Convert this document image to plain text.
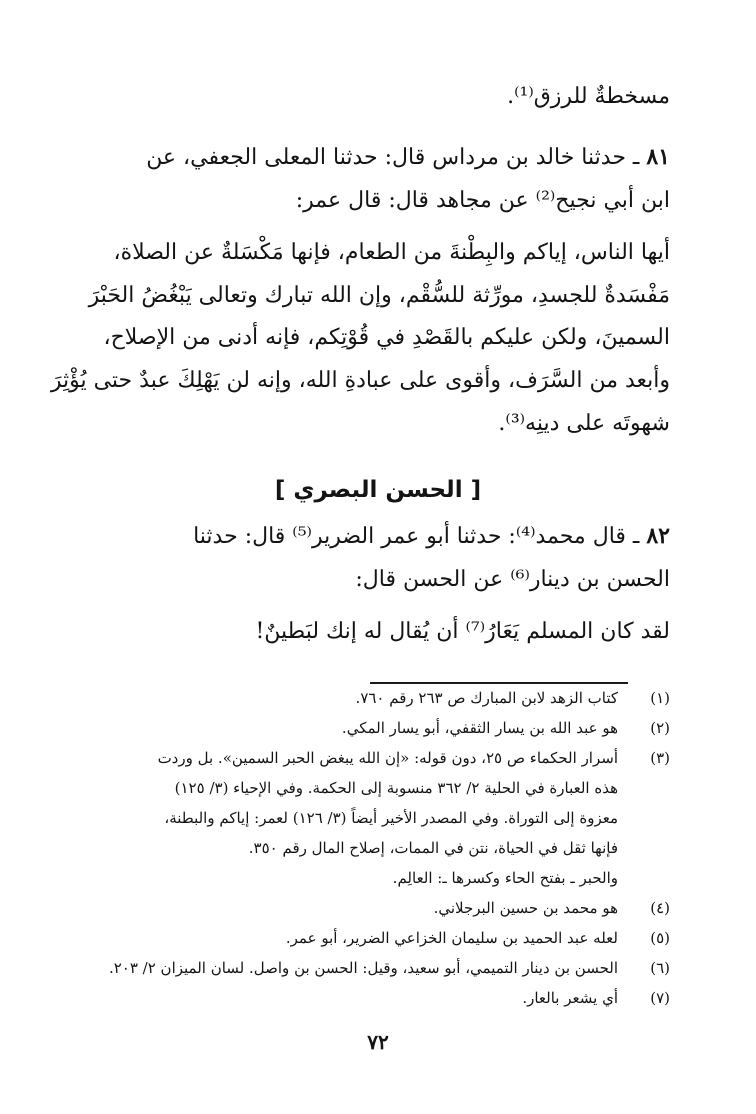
مسخطةٌ للرزق⁽¹⁾.
٨١ ـ حدثنا خالد بن مرداس قال: حدثنا المعلى الجعفي، عن
ابن أبي نجيح⁽²⁾ عن مجاهد قال: قال عمر:
أيها الناس، إياكم والبِطْنةَ من الطعام، فإنها مَكْسَلةٌ عن الصلاة،
مَفْسَدةٌ للجسدِ، مورِّثة للسُّقْم، وإن الله تبارك وتعالى يَبْغُضُ الحَبْرَ
السمينَ، ولكن عليكم بالقَصْدِ في قُوْتِكم، فإنه أدنى من الإصلاح،
وأبعد من السَّرَف، وأقوى على عبادةِ الله، وإنه لن يَهْلِكَ عبدٌ حتى يُؤْثِرَ
شهوتَه على دينِه⁽³⁾.
[ الحسن البصري ]
٨٢ ـ قال محمد⁽⁴⁾: حدثنا أبو عمر الضرير⁽⁵⁾ قال: حدثنا
الحسن بن دينار⁽⁶⁾ عن الحسن قال:
لقد كان المسلم يَعَارُ⁽⁷⁾ أن يُقال له إنك لبَطينٌ!
(١)كتاب الزهد لابن المبارك ص ٢٦٣ رقم ٧٦٠.
(٢)هو عبد الله بن يسار الثقفي، أبو يسار المكي.
(٣)أسرار الحكماء ص ٢٥، دون قوله: «إن الله يبغض الحبر السمين». بل وردت
هذه العبارة في الحلية ٢/ ٣٦٢ منسوبة إلى الحكمة. وفي الإحياء (٣/ ١٢٥)
معزوة إلى التوراة. وفي المصدر الأخير أيضاً (٣/ ١٢٦) لعمر: إياكم والبطنة،
فإنها ثقل في الحياة، نتن في الممات، إصلاح المال رقم ٣٥٠.
والحبر ـ بفتح الحاء وكسرها ـ: العالِم.
(٤)هو محمد بن حسين البرجلاني.
(٥)لعله عبد الحميد بن سليمان الخزاعي الضرير، أبو عمر.
(٦)الحسن بن دينار التميمي، أبو سعيد، وقيل: الحسن بن واصل. لسان الميزان ٢/ ٢٠٣.
(٧)أي يشعر بالعار.
٧٢
